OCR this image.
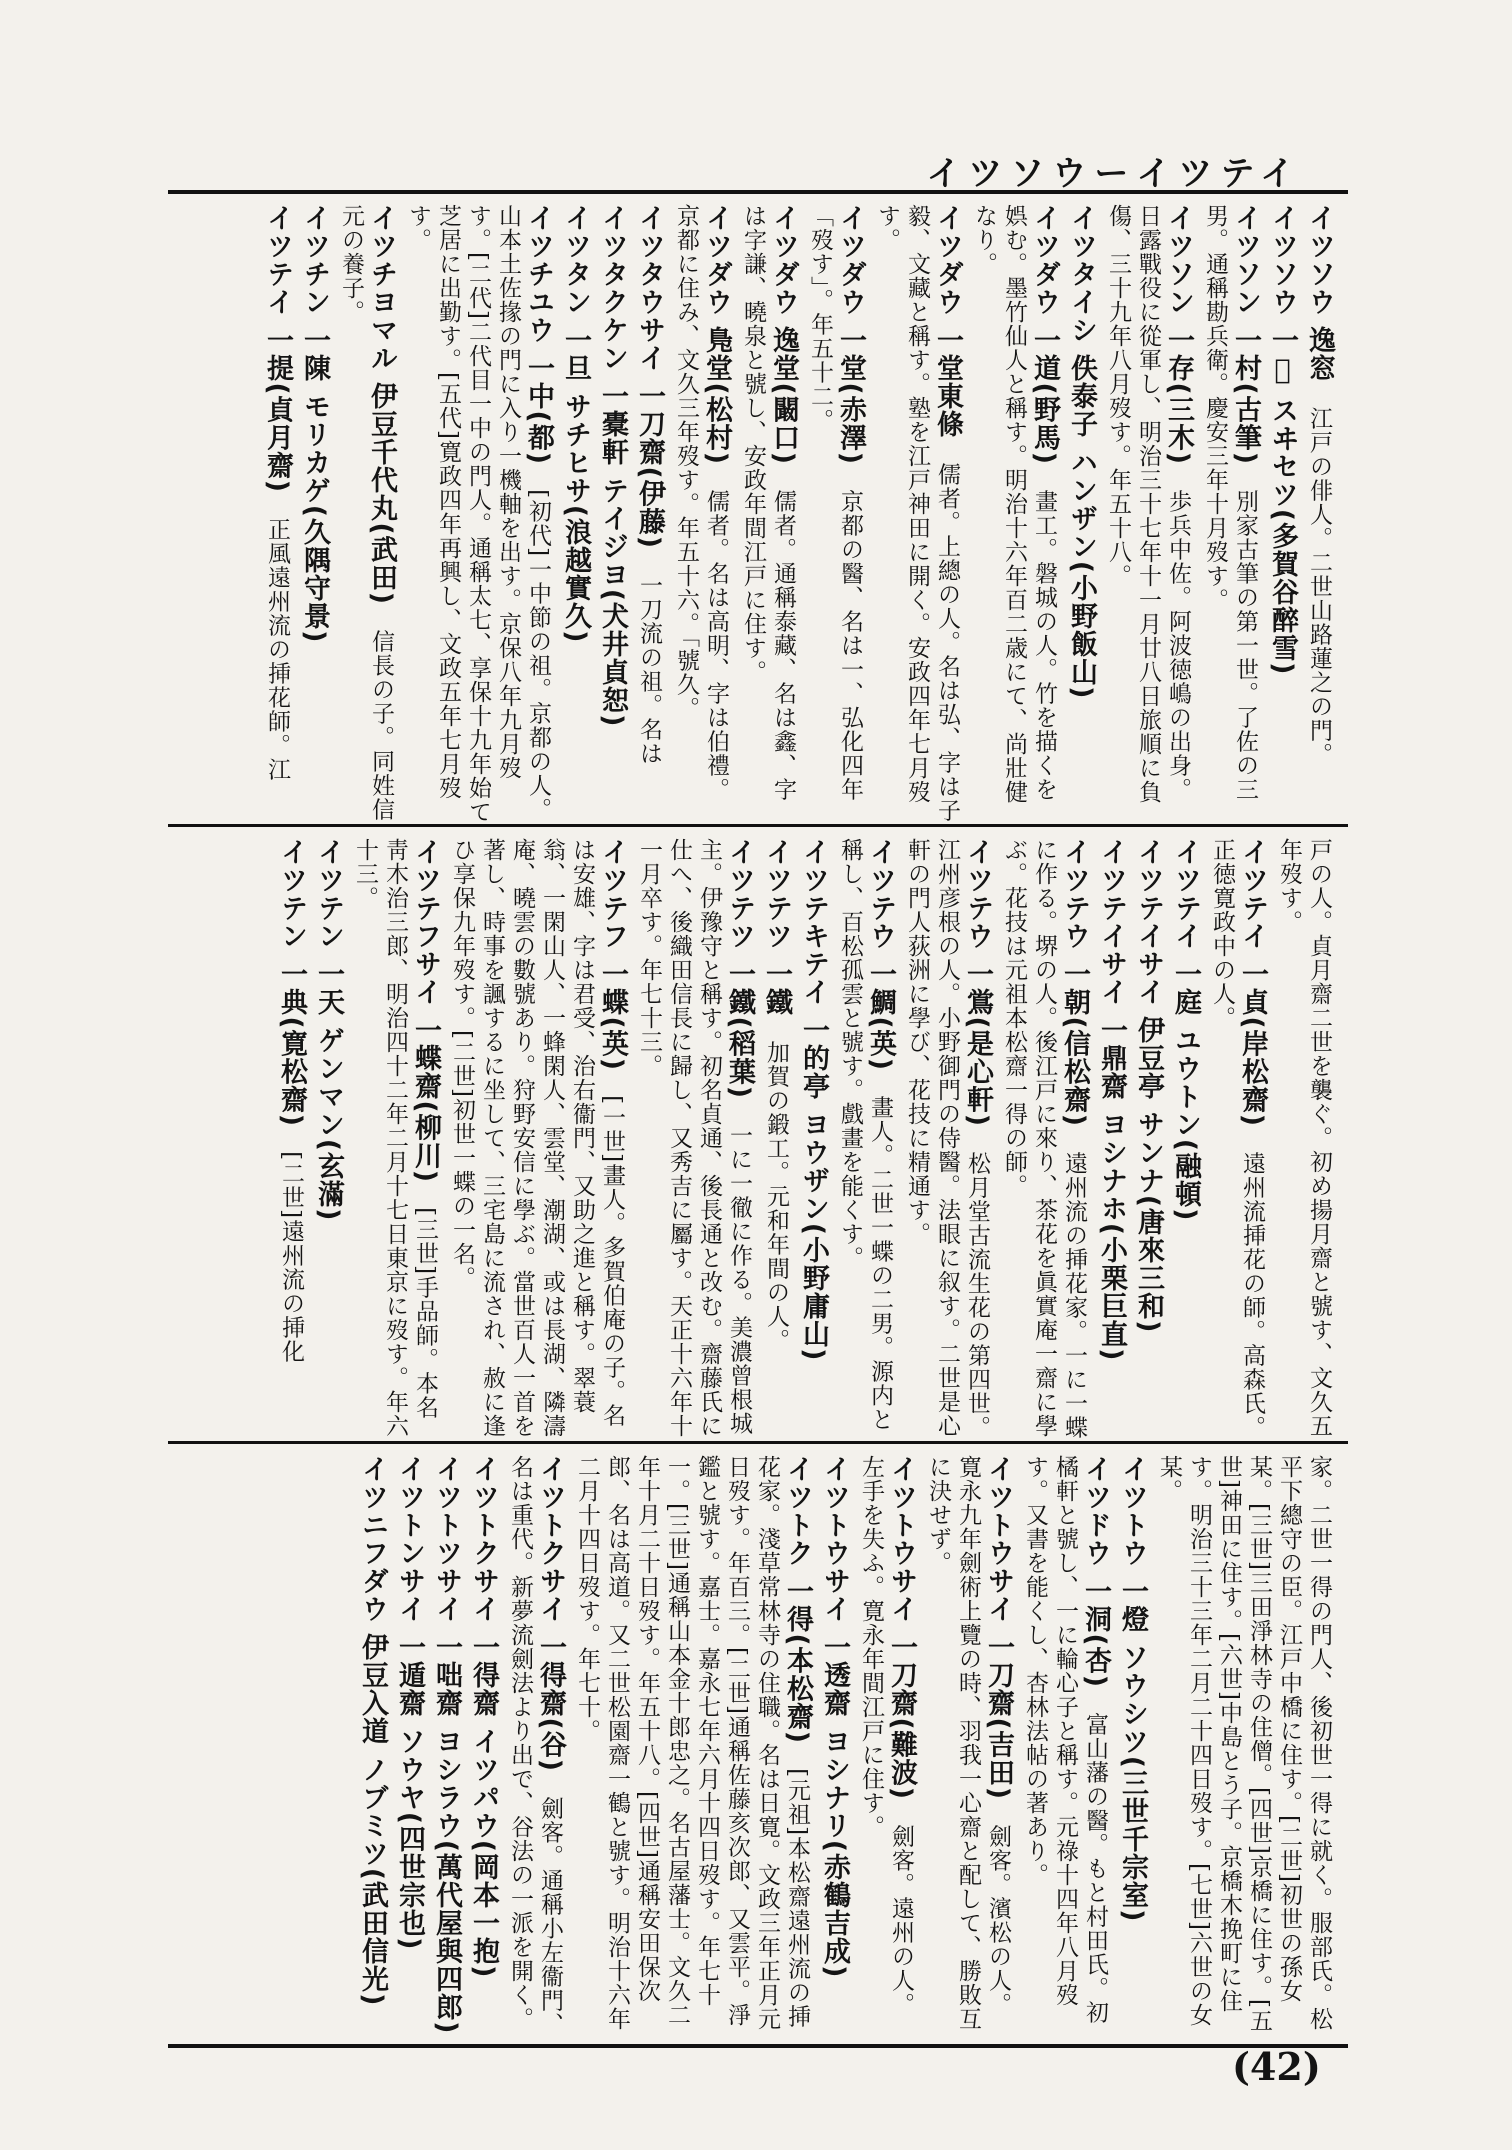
イツソウーイツテイ
イツソウ 逸窓　江戸の俳人。二世山路蓮之の門。
イツソウ 一𥨊 スヰセツ(多賀谷醉雪)
イツソン 一村(古筆)　別家古筆の第一世。了佐の三男。通稱勘兵衛。慶安三年十月歿す。
イツソン 一存(三木)　歩兵中佐。阿波徳嶋の出身。日露戰役に從軍し、明治三十七年十一月廿八日旅順に負傷、三十九年八月歿す。年五十八。
イツタイシ 佚泰子 ハンザン(小野飯山)
イツダウ 一道(野馬)　畫工。磐城の人。竹を描くを娯む。墨竹仙人と稱す。明治十六年百二歳にて、尚壯健なり。
イツダウ 一堂東條　儒者。上總の人。名は弘、字は子毅、文藏と稱す。塾を江戸神田に開く。安政四年七月歿す。
イツダウ 一堂(赤澤)　京都の醫、名は一、弘化四年「歿す」。年五十二。
イツダウ 逸堂(闞口)　儒者。通稱泰藏、名は鑫、字は字謙、曉泉と號し、安政年間江戸に住す。
イツダウ 鳬堂(松村)　儒者。名は高明、字は伯禮。京都に住み、文久三年歿す。年五十六。「號久。
イツタウサイ 一刀齋(伊藤)　一刀流の祖。名は
イツタクケン 一橐軒 テイジヨ(犬井貞恕)
イツタン 一旦 サチヒサ(浪越實久)
イツチユウ 一中(都)　[初代]一中節の祖。京都の人。山本土佐掾の門に入り一機軸を出す。京保八年九月歿す。[二代]二代目一中の門人。通稱太七、享保十九年始て芝居に出勤す。[五代]寛政四年再興し、文政五年七月歿す。
イツチヨマル 伊豆千代丸(武田)　信長の子。同姓信元の養子。
イツチン 一陳 モリカゲ(久隅守景)
イツテイ 一提(貞月齋)　正風遠州流の挿花師。江
戸の人。貞月齋二世を襲ぐ。初め揚月齋と號す、文久五年歿す。
イツテイ 一貞(岸松齋)　遠州流挿花の師。高森氏。正徳寛政中の人。
イツテイ 一庭 ユウトン(融頓)
イツテイサイ 伊豆亭 サンナ(唐來三和)
イツテイサイ 一鼎齋 ヨシナホ(小栗巨直)
イツテウ 一朝(信松齋)　遠州流の挿花家。一に一蝶に作る。堺の人。後江戸に來り、茶花を眞實庵一齋に學ぶ。花技は元祖本松齋一得の師。
イツテウ 一鴬(是心軒)　松月堂古流生花の第四世。江州彦根の人。小野御門の侍醫。法眼に叙す。二世是心軒の門人荻洲に學び、花技に精通す。
イツテウ 一鯛(英)　畫人。二世一蝶の二男。源内と稱し、百松孤雲と號す。戲畫を能くす。
イツテキテイ 一的亭 ヨウザン(小野庸山)
イツテツ 一鐵　加賀の鍛工。元和年間の人。
イツテツ 一鐵(稻葉)　一に一徹に作る。美濃曾根城主。伊豫守と稱す。初名貞通、後長通と改む。齋藤氏に仕へ、後織田信長に歸し、又秀吉に屬す。天正十六年十一月卒す。年七十三。
イツテフ 一蝶(英)　[一世]畫人。多賀伯庵の子。名は安雄、字は君受、治右衞門、又助之進と稱す。翠蓑翁、一閑山人、一蜂閑人、雲堂、潮湖、或は長湖、隣濤庵、曉雲の數號あり。狩野安信に學ぶ。當世百人一首を著し、時事を諷するに坐して、三宅島に流され、赦に逢ひ享保九年歿す。[二世]初世一蝶の一名。
イツテフサイ 一蝶齋(柳川)　[三世]手品師。本名靑木治三郎、明治四十二年二月十七日東京に歿す。年六十三。
イツテン 一天 ゲンマン(玄滿)
イツテン 一典(寛松齋)　[二世]遠州流の挿化
家。二世一得の門人、後初世一得に就く。服部氏。松平下總守の臣。江戸中橋に住す。[二世]初世の孫女某。[三世]三田淨林寺の住僧。[四世]京橋に住す。[五世]神田に住す。[六世]中島とう子。京橋木挽町に住す。明治三十三年二月二十四日歿す。[七世]六世の女某。
イツトウ 一燈 ソウシツ(三世千宗室)
イツドウ 一洞(杏)　富山藩の醫。もと村田氏。初橘軒と號し、一に輪心子と稱す。元祿十四年八月歿す。又書を能くし、杏林法帖の著あり。
イツトウサイ 一刀齋(吉田)　劍客。濱松の人。寛永九年劍術上覽の時、羽我一心齋と配して、勝敗互に決せず。
イツトウサイ 一刀齋(難波)　劍客。遠州の人。左手を失ふ。寛永年間江戸に住す。
イツトウサイ 一透齋 ヨシナリ(赤鶴吉成)
イツトク 一得(本松齋)　[元祖]本松齋遠州流の挿花家。淺草常林寺の住職。名は日寛。文政三年正月元日歿す。年百三。[二世]通稱佐藤亥次郎、又雲平。淨鑑と號す。嘉士。嘉永七年六月十四日歿す。年七十一。[三世]通稱山本金十郎忠之。名古屋藩士。文久二年十月二十日歿す。年五十八。[四世]通稱安田保次郎、名は高道。又二世松園齋一鶴と號す。明治十六年二月十四日歿す。年七十。
イツトクサイ 一得齋(谷)　劍客。通稱小左衞門、名は重代。新夢流劍法より出で、谷法の一派を開く。
イツトクサイ 一得齋 イツパウ(岡本一抱)
イツトツサイ 一咄齋 ヨシラウ(萬代屋與四郎)
イツトンサイ 一遁齋 ソウヤ(四世宗也)
イツニフダウ 伊豆入道 ノブミツ(武田信光)
(42)
